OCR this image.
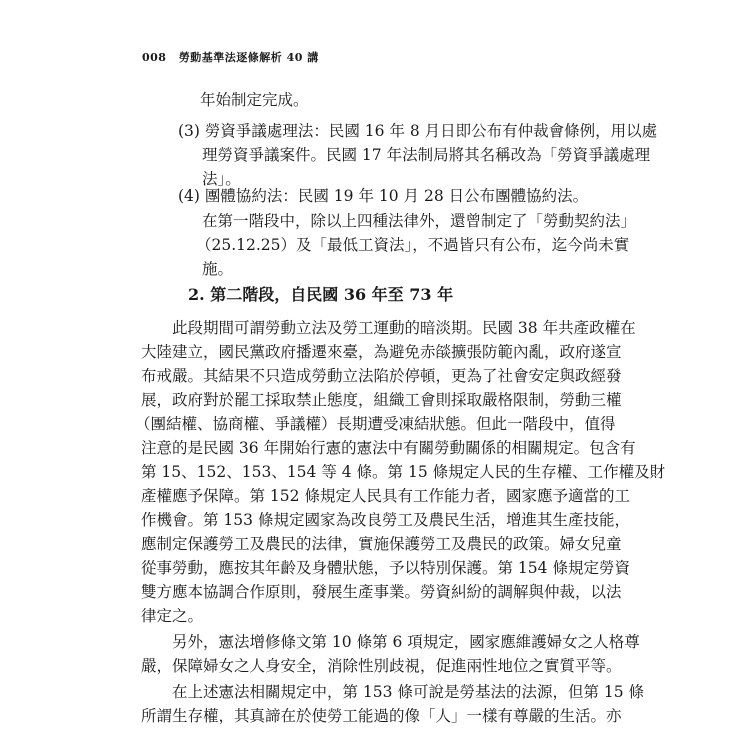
008 勞動基準法逐條解析 40 講
年始制定完成。
(3) 勞資爭議處理法：民國 16 年 8 月日即公布有仲裁會條例，用以處
理勞資爭議案件。民國 17 年法制局將其名稱改為「勞資爭議處理
法」。
(4) 團體協約法：民國 19 年 10 月 28 日公布團體協約法。
在第一階段中，除以上四種法律外，還曾制定了「勞動契約法」
（25.12.25）及「最低工資法」，不過皆只有公布，迄今尚未實
施。
2. 第二階段，自民國 36 年至 73 年
此段期間可謂勞動立法及勞工運動的暗淡期。民國 38 年共產政權在
大陸建立，國民黨政府播遷來臺，為避免赤燄擴張防範內亂，政府遂宣
布戒嚴。其結果不只造成勞動立法陷於停頓，更為了社會安定與政經發
展，政府對於罷工採取禁止態度，組織工會則採取嚴格限制，勞動三權
（團結權、協商權、爭議權）長期遭受凍結狀態。但此一階段中，值得
注意的是民國 36 年開始行憲的憲法中有關勞動關係的相關規定。包含有
第 15、152、153、154 等 4 條。第 15 條規定人民的生存權、工作權及財
產權應予保障。第 152 條規定人民具有工作能力者，國家應予適當的工
作機會。第 153 條規定國家為改良勞工及農民生活，增進其生產技能，
應制定保護勞工及農民的法律，實施保護勞工及農民的政策。婦女兒童
從事勞動，應按其年齡及身體狀態，予以特別保護。第 154 條規定勞資
雙方應本協調合作原則，發展生產事業。勞資糾紛的調解與仲裁，以法
律定之。
另外，憲法增修條文第 10 條第 6 項規定，國家應維護婦女之人格尊
嚴，保障婦女之人身安全，消除性別歧視，促進兩性地位之實質平等。
在上述憲法相關規定中，第 153 條可說是勞基法的法源，但第 15 條
所謂生存權，其真諦在於使勞工能過的像「人」一樣有尊嚴的生活。亦
